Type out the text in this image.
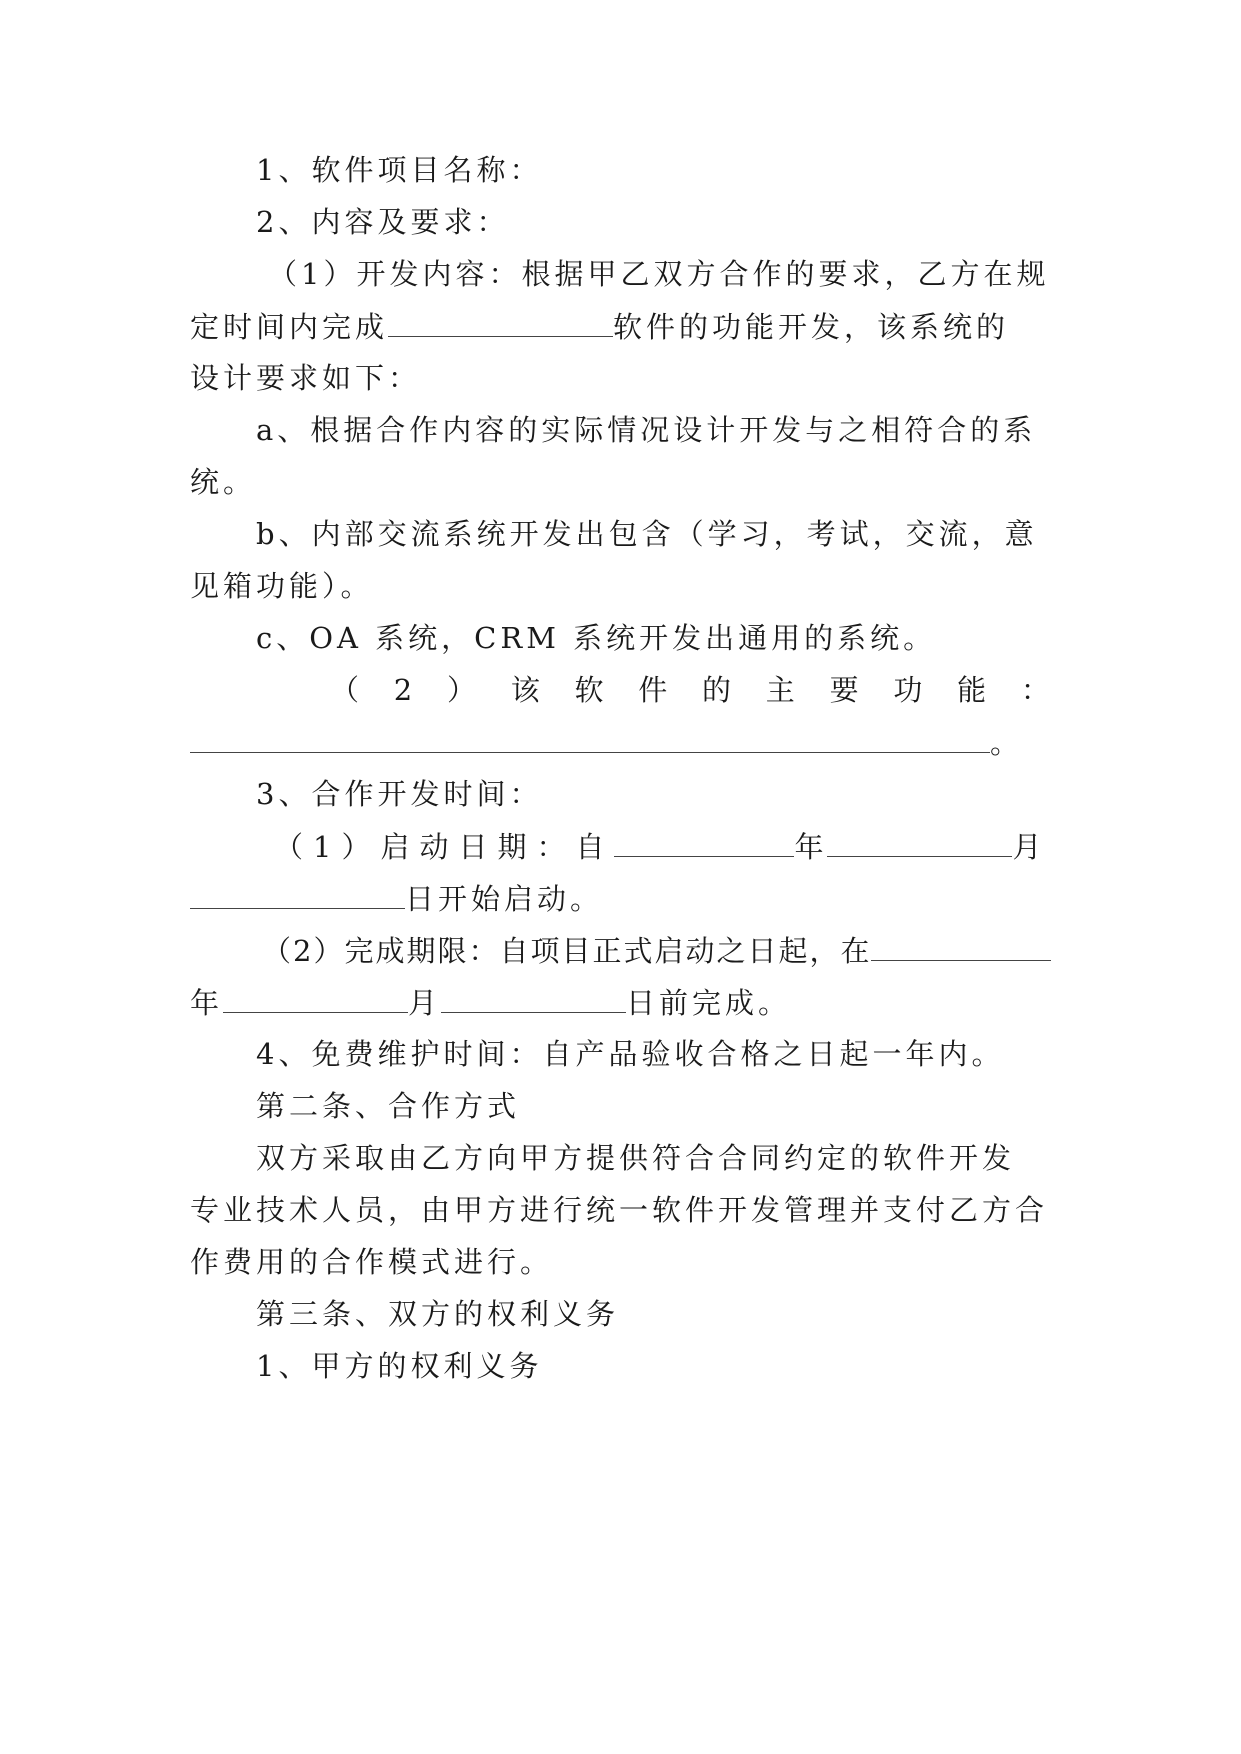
1、软件项目名称：
2、内容及要求：
（1）开发内容：根据甲乙双方合作的要求，乙方在规
定时间内完成	软件的功能开发，该系统的
设计要求如下：
a、根据合作内容的实际情况设计开发与之相符合的系
统。
b、内部交流系统开发出包含（学习，考试，交流，意
见箱功能）。
c、OA 系统，CRM 系统开发出通用的系统。
（ 2 ） 该 软 件 的 主 要 功 能 ：
。
3、合作开发时间：
（1）启动日期：自	年	月
日开始启动。
（2）完成期限：自项目正式启动之日起，在
年	月	日前完成。
4、免费维护时间：自产品验收合格之日起一年内。
第二条、合作方式
双方采取由乙方向甲方提供符合合同约定的软件开发
专业技术人员，由甲方进行统一软件开发管理并支付乙方合
作费用的合作模式进行。
第三条、双方的权利义务
1、甲方的权利义务
